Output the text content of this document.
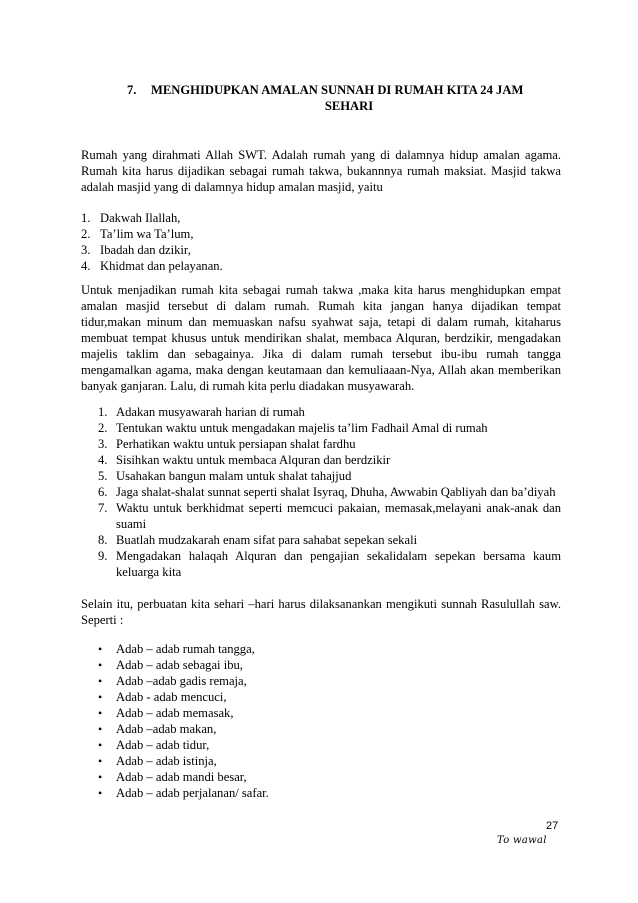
7. MENGHIDUPKAN AMALAN SUNNAH DI RUMAH KITA 24 JAM
SEHARI

Rumah yang dirahmati Allah SWT. Adalah rumah yang di dalamnya hidup amalan agama. Rumah kita harus dijadikan sebagai rumah takwa, bukannnya rumah maksiat. Masjid takwa adalah masjid yang di dalamnya hidup amalan masjid, yaitu

1. Dakwah Ilallah,
2. Ta’lim wa Ta’lum,
3. Ibadah dan dzikir,
4. Khidmat dan pelayanan.

Untuk menjadikan rumah kita sebagai rumah takwa ,maka kita harus menghidupkan empat amalan masjid tersebut di dalam rumah. Rumah kita jangan hanya dijadikan tempat tidur,makan minum dan memuaskan nafsu syahwat saja, tetapi di dalam rumah, kitaharus membuat tempat khusus untuk mendirikan shalat, membaca Alquran, berdzikir, mengadakan majelis taklim dan sebagainya. Jika di dalam rumah tersebut ibu-ibu rumah tangga mengamalkan agama, maka dengan keutamaan dan kemuliaaan-Nya, Allah akan memberikan banyak ganjaran. Lalu, di rumah kita perlu diadakan musyawarah.

1. Adakan musyawarah harian di rumah
2. Tentukan waktu untuk mengadakan majelis ta’lim Fadhail Amal di rumah
3. Perhatikan waktu untuk persiapan shalat fardhu
4. Sisihkan waktu untuk membaca Alquran dan berdzikir
5. Usahakan bangun malam untuk shalat tahajjud
6. Jaga shalat-shalat sunnat seperti shalat Isyraq, Dhuha, Awwabin Qabliyah dan ba’diyah
7. Waktu untuk berkhidmat seperti memcuci pakaian, memasak,melayani anak-anak dan suami
8. Buatlah mudzakarah enam sifat para sahabat sepekan sekali
9. Mengadakan halaqah Alquran dan pengajian sekalidalam sepekan bersama kaum keluarga kita

Selain itu, perbuatan kita sehari –hari harus dilaksanankan mengikuti sunnah Rasulullah saw. Seperti :

• Adab – adab rumah tangga,
• Adab – adab sebagai ibu,
• Adab –adab gadis remaja,
• Adab - adab mencuci,
• Adab – adab memasak,
• Adab –adab makan,
• Adab – adab tidur,
• Adab – adab istinja,
• Adab – adab mandi besar,
• Adab – adab perjalanan/ safar.
27
To wawal
